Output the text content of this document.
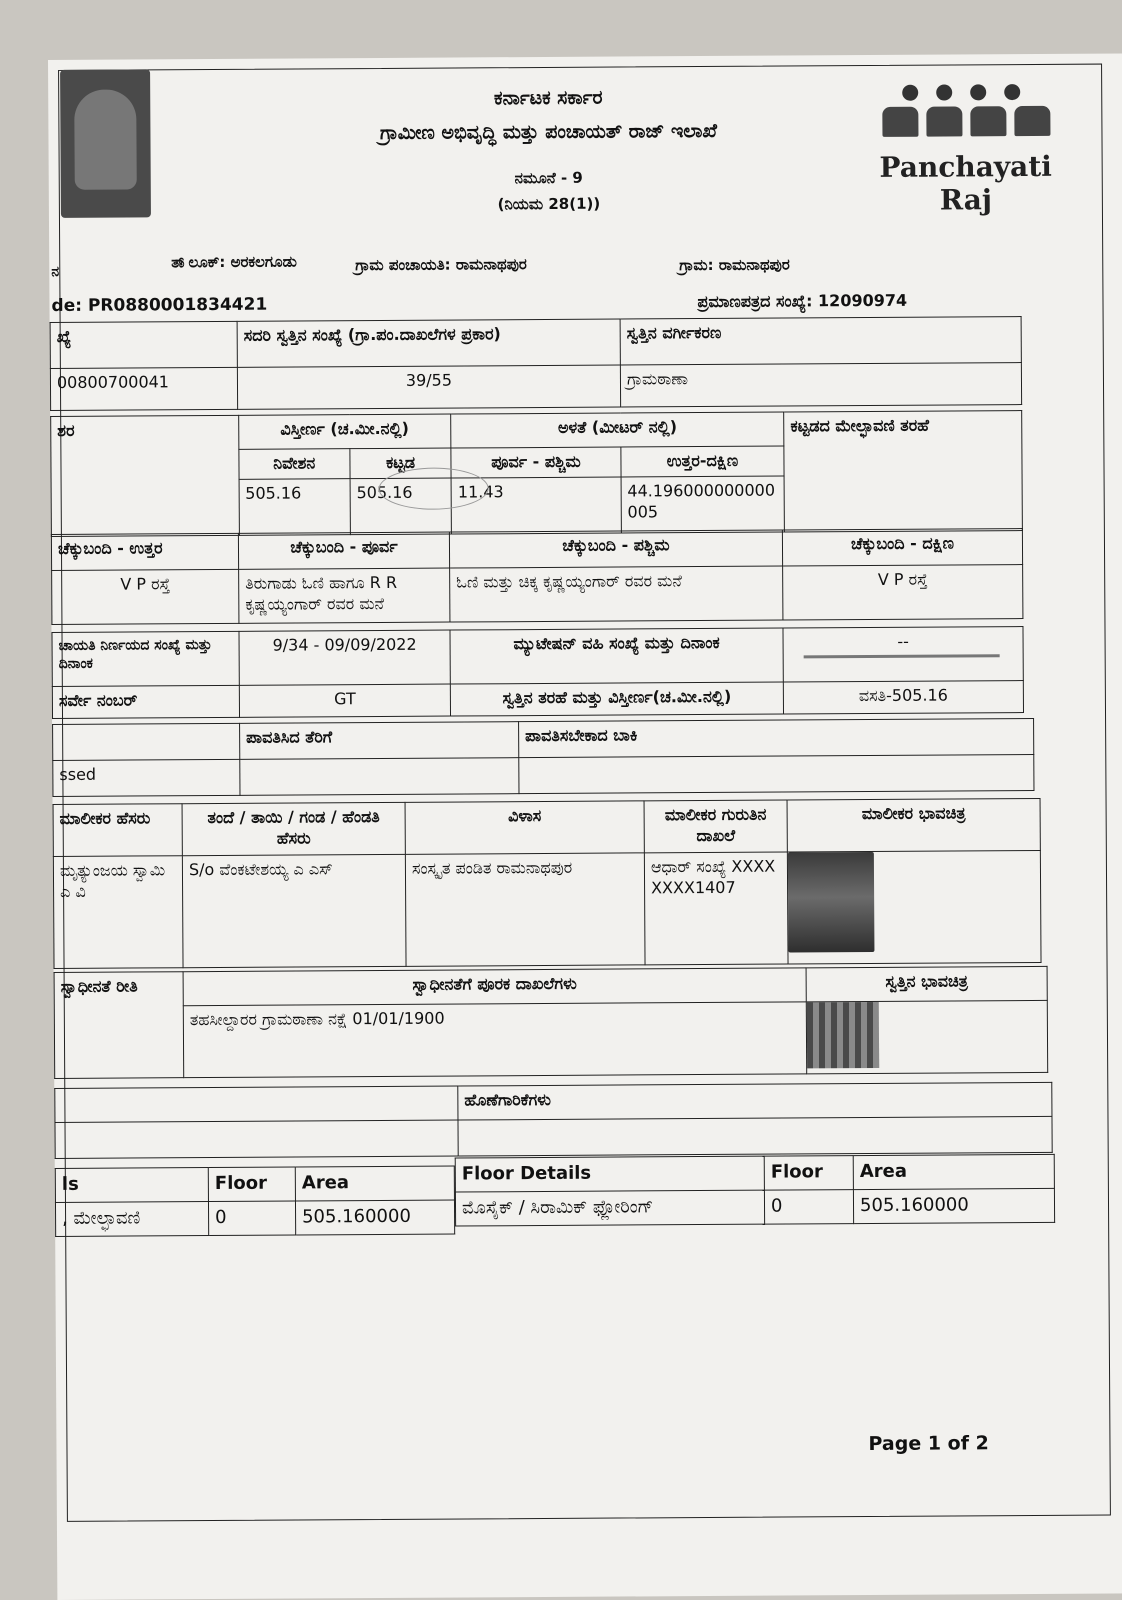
ಕರ್ನಾಟಕ ಸರ್ಕಾರ
ಗ್ರಾಮೀಣ ಅಭಿವೃದ್ಧಿ ಮತ್ತು ಪಂಚಾಯತ್ ರಾಜ್ ಇಲಾಖೆ
ನಮೂನೆ - 9
(ನಿಯಮ 28(1))
Panchayati Raj
ನ
ತಾ್ಲೂಕ್: ಅರಕಲಗೂಡು	ಗ್ರಾಮ ಪಂಚಾಯತಿ: ರಾಮನಾಥಪುರ	ಗ್ರಾಮ: ರಾಮನಾಥಪುರ
de: PR0880001834421	ಪ್ರಮಾಣಪತ್ರದ ಸಂಖ್ಯೆ: 12090974
ಖ್ಯೆ	ಸದರಿ ಸ್ವತ್ತಿನ ಸಂಖ್ಯೆ (ಗ್ರಾ.ಪಂ.ದಾಖಲೆಗಳ ಪ್ರಕಾರ)	ಸ್ವತ್ತಿನ ವರ್ಗೀಕರಣ
00800700041	39/55	ಗ್ರಾಮಠಾಣಾ
ಶರ	ವಿಸ್ತೀರ್ಣ (ಚ.ಮೀ.ನಲ್ಲಿ)		ಅಳತೆ (ಮೀಟರ್ ನಲ್ಲಿ)		ಕಟ್ಟಡದ ಮೇಲ್ಛಾವಣಿ ತರಹೆ
	ನಿವೇಶನ	ಕಟ್ಟಡ	ಪೂರ್ವ - ಪಶ್ಚಿಮ	ಉತ್ತರ-ದಕ್ಷಿಣ	
	505.16	505.16	11.43	44.196000000000005	
ಚೆಕ್ಕುಬಂದಿ - ಉತ್ತರ	ಚೆಕ್ಕುಬಂದಿ - ಪೂರ್ವ	ಚೆಕ್ಕುಬಂದಿ - ಪಶ್ಚಿಮ	ಚೆಕ್ಕುಬಂದಿ - ದಕ್ಷಿಣ
V P ರಸ್ತೆ	ತಿರುಗಾಡು ಓಣಿ ಹಾಗೂ R R ಕೃಷ್ಣಯ್ಯಂಗಾರ್ ರವರ ಮನೆ	ಓಣಿ ಮತ್ತು ಚಿಕ್ಕ ಕೃಷ್ಣಯ್ಯಂಗಾರ್ ರವರ ಮನೆ	V P ರಸ್ತೆ
ಚಾಯತಿ ನಿರ್ಣಯದ ಸಂಖ್ಯೆ ಮತ್ತು ದಿನಾಂಕ	9/34 - 09/09/2022	ಮ್ಯುಟೇಷನ್ ವಹಿ ಸಂಖ್ಯೆ ಮತ್ತು ದಿನಾಂಕ	--
ಸರ್ವೇ ನಂಬರ್	GT	ಸ್ವತ್ತಿನ ತರಹೆ ಮತ್ತು ವಿಸ್ತೀರ್ಣ(ಚ.ಮೀ.ನಲ್ಲಿ)	ವಸತಿ-505.16
	ಪಾವತಿಸಿದ ತೆರಿಗೆ	ಪಾವತಿಸಬೇಕಾದ ಬಾಕಿ
ssed		
ಮಾಲೀಕರ ಹೆಸರು	ತಂದೆ / ತಾಯಿ / ಗಂಡ / ಹೆಂಡತಿ ಹೆಸರು	ವಿಳಾಸ	ಮಾಲೀಕರ ಗುರುತಿನ ದಾಖಲೆ	ಮಾಲೀಕರ ಭಾವಚಿತ್ರ
ಮೃತ್ಯುಂಜಯ ಸ್ವಾಮಿ ಎ ವಿ	S/o ವೆಂಕಟೇಶಯ್ಯ ಎ ಎಸ್	ಸಂಸ್ಕೃತ ಪಂಡಿತ ರಾಮನಾಥಪುರ	ಆಧಾರ್ ಸಂಖ್ಯೆ XXXXXXXX1407	
ಸ್ವಾಧೀನತೆ ರೀತಿ	ಸ್ವಾಧೀನತೆಗೆ ಪೂರಕ ದಾಖಲೆಗಳು	ಸ್ವತ್ತಿನ ಭಾವಚಿತ್ರ
	ತಹಸೀಲ್ದಾರರ ಗ್ರಾಮಠಾಣಾ ನಕ್ಷೆ 01/01/1900	
	ಹೊಣೆಗಾರಿಕೆಗಳು

ls	Floor	Area
, ಮೇಲ್ಛಾವಣಿ	0	505.160000
Floor Details	Floor	Area
ಮೊಸೈಕ್ / ಸಿರಾಮಿಕ್ ಫ್ಲೋರಿಂಗ್	0	505.160000
Page 1 of 2
